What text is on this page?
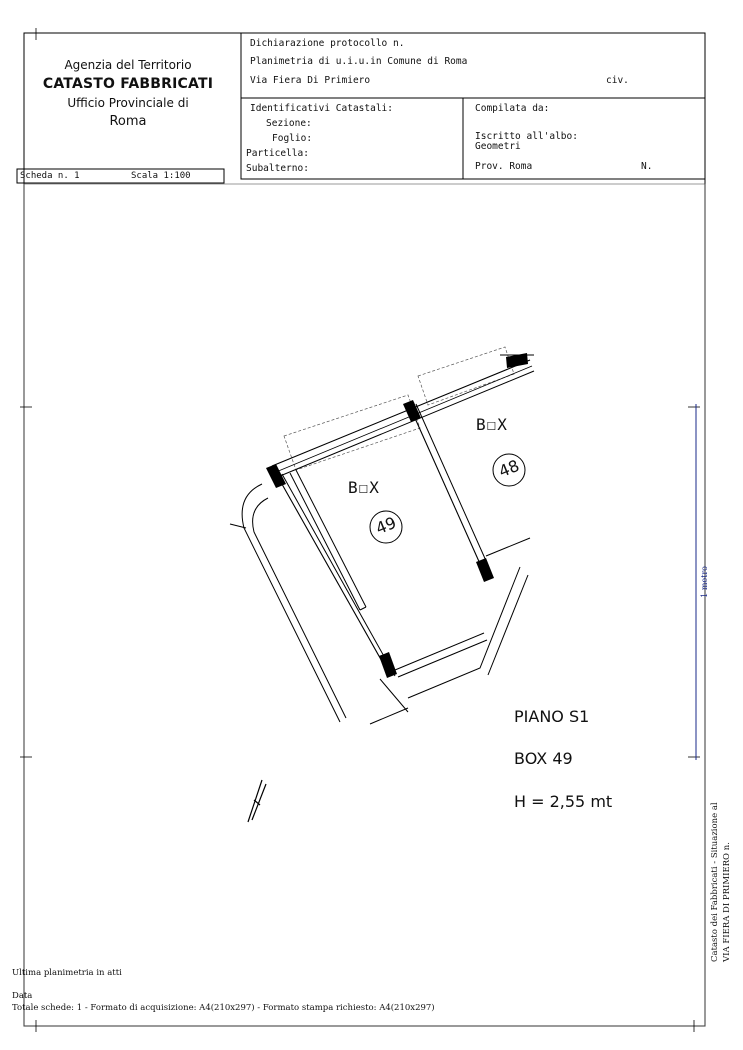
Agenzia del Territorio
CATASTO FABBRICATI
Ufficio Provinciale di
Roma
Dichiarazione protocollo n.
Planimetria di u.i.u.in Comune di Roma
Via Fiera Di Primiero	civ.
Identificativi Catastali:
Sezione:
Foglio:
Particella:
Subalterno:
Compilata da:
Iscritto all'albo:
Geometri
Prov. Roma	N.
Scheda n. 1	Scala 1:100
B☐X
B☐X
49
48
PIANO S1
BOX 49
H = 2,55 mt
1 metro
Catasto dei Fabbricati - Situazione al VIA FIERA DI PRIMIERO n.
Ultima planimetria in atti
Data
Totale schede: 1 - Formato di acquisizione: A4(210x297) - Formato stampa richiesto: A4(210x297)
